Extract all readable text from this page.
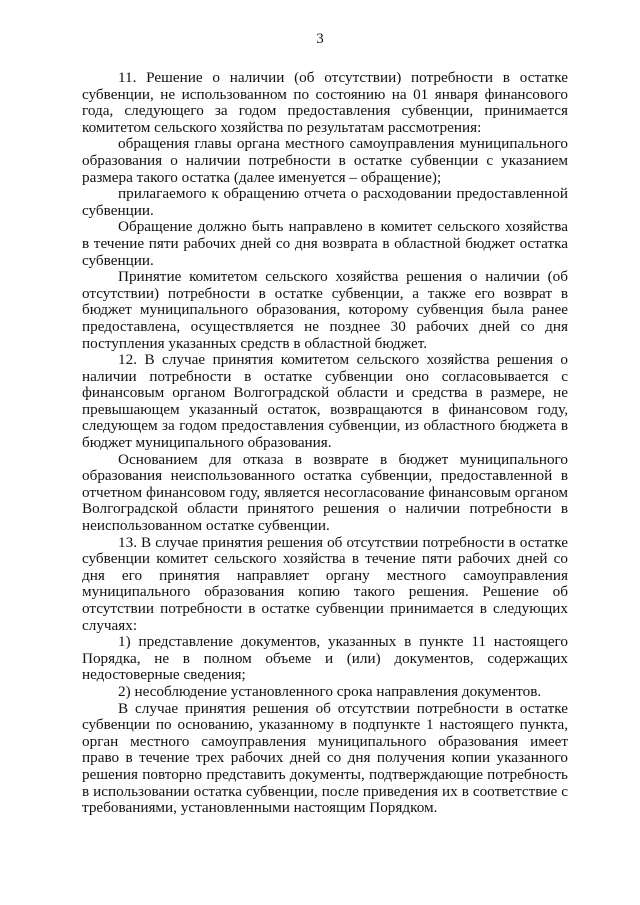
3

11. Решение о наличии (об отсутствии) потребности в остатке субвенции, не использованном по состоянию на 01 января финансового года, следующего за годом предоставления субвенции, принимается комитетом сельского хозяйства по результатам рассмотрения:

обращения главы органа местного самоуправления муниципального образования о наличии потребности в остатке субвенции с указанием размера такого остатка (далее именуется – обращение);

прилагаемого к обращению отчета о расходовании предоставленной субвенции.

Обращение должно быть направлено в комитет сельского хозяйства в течение пяти рабочих дней со дня возврата в областной бюджет остатка субвенции.

Принятие комитетом сельского хозяйства решения о наличии (об отсутствии) потребности в остатке субвенции, а также его возврат в бюджет муниципального образования, которому субвенция была ранее предоставлена, осуществляется не позднее 30 рабочих дней со дня поступления указанных средств в областной бюджет.

12. В случае принятия комитетом сельского хозяйства решения о наличии потребности в остатке субвенции оно согласовывается с финансовым органом Волгоградской области и средства в размере, не превышающем указанный остаток, возвращаются в финансовом году, следующем за годом предоставления субвенции, из областного бюджета в бюджет муниципального образования.

Основанием для отказа в возврате в бюджет муниципального образования неиспользованного остатка субвенции, предоставленной в отчетном финансовом году, является несогласование финансовым органом Волгоградской области принятого решения о наличии потребности в неиспользованном остатке субвенции.

13. В случае принятия решения об отсутствии потребности в остатке субвенции комитет сельского хозяйства в течение пяти рабочих дней со дня его принятия направляет органу местного самоуправления муниципального образования копию такого решения. Решение об отсутствии потребности в остатке субвенции принимается в следующих случаях:

1) представление документов, указанных в пункте 11 настоящего Порядка, не в полном объеме и (или) документов, содержащих недостоверные сведения;

2) несоблюдение установленного срока направления документов.

В случае принятия решения об отсутствии потребности в остатке субвенции по основанию, указанному в подпункте 1 настоящего пункта, орган местного самоуправления муниципального образования имеет право в течение трех рабочих дней со дня получения копии указанного решения повторно представить документы, подтверждающие потребность в использовании остатка субвенции, после приведения их в соответствие с требованиями, установленными настоящим Порядком.
